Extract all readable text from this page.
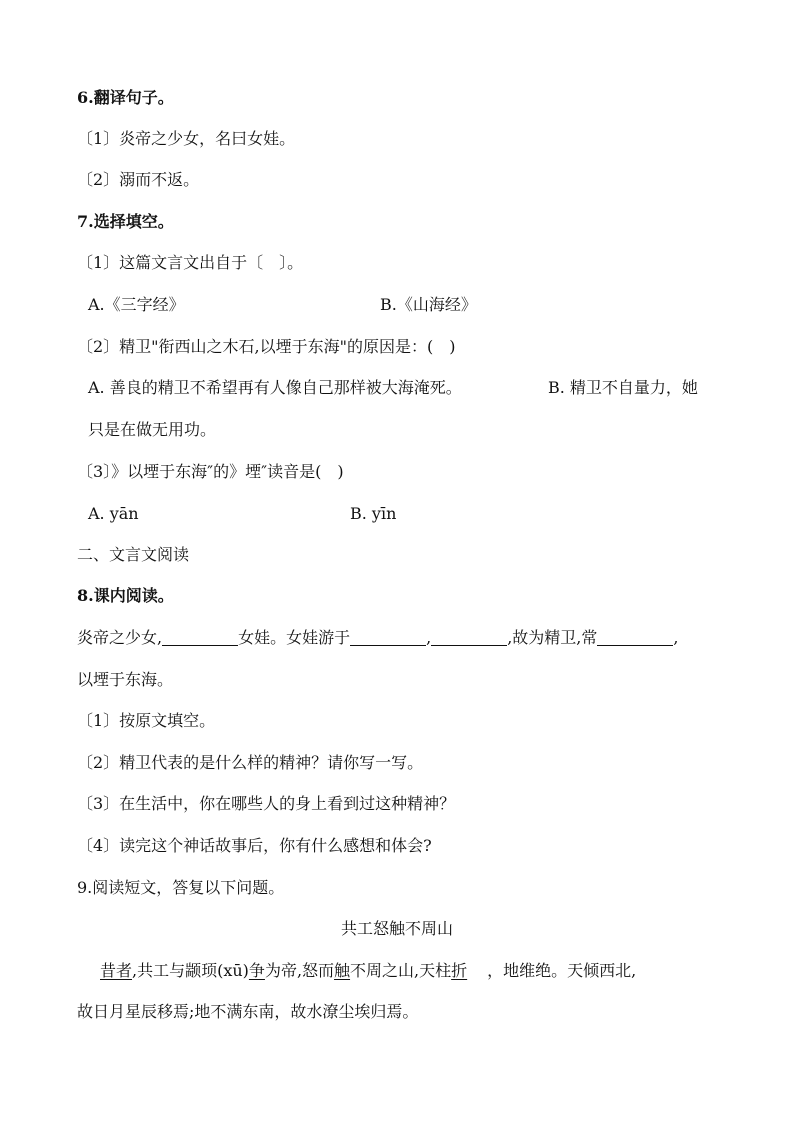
6.翻译句子。
〔1〕炎帝之少女，名曰女娃。
〔2〕溺而不返。
7.选择填空。
〔1〕这篇文言文出自于〔　〕。
A.《三字经》	B.《山海经》
〔2〕精卫"衔西山之木石,以堙于东海"的原因是：(　)
A. 善良的精卫不希望再有人像自己那样被大海淹死。	B. 精卫不自量力，她
只是在做无用功。
〔3〕》以堙于东海″的》堙″读音是(　)
A. yān	B. yīn
二、文言文阅读
8.课内阅读。
炎帝之少女,	女娃。女娃游于	,	,故为精卫,常	,
以堙于东海。
〔1〕按原文填空。
〔2〕精卫代表的是什么样的精神？请你写一写。
〔3〕在生活中，你在哪些人的身上看到过这种精神？
〔4〕读完这个神话故事后，你有什么感想和体会?
9.阅读短文，答复以下问题。
共工怒触不周山
昔者,共工与颛顼(xū)争为帝,怒而触不周之山,天柱折 ，地维绝。天倾西北,
故日月星辰移焉;地不满东南，故水潦尘埃归焉。
